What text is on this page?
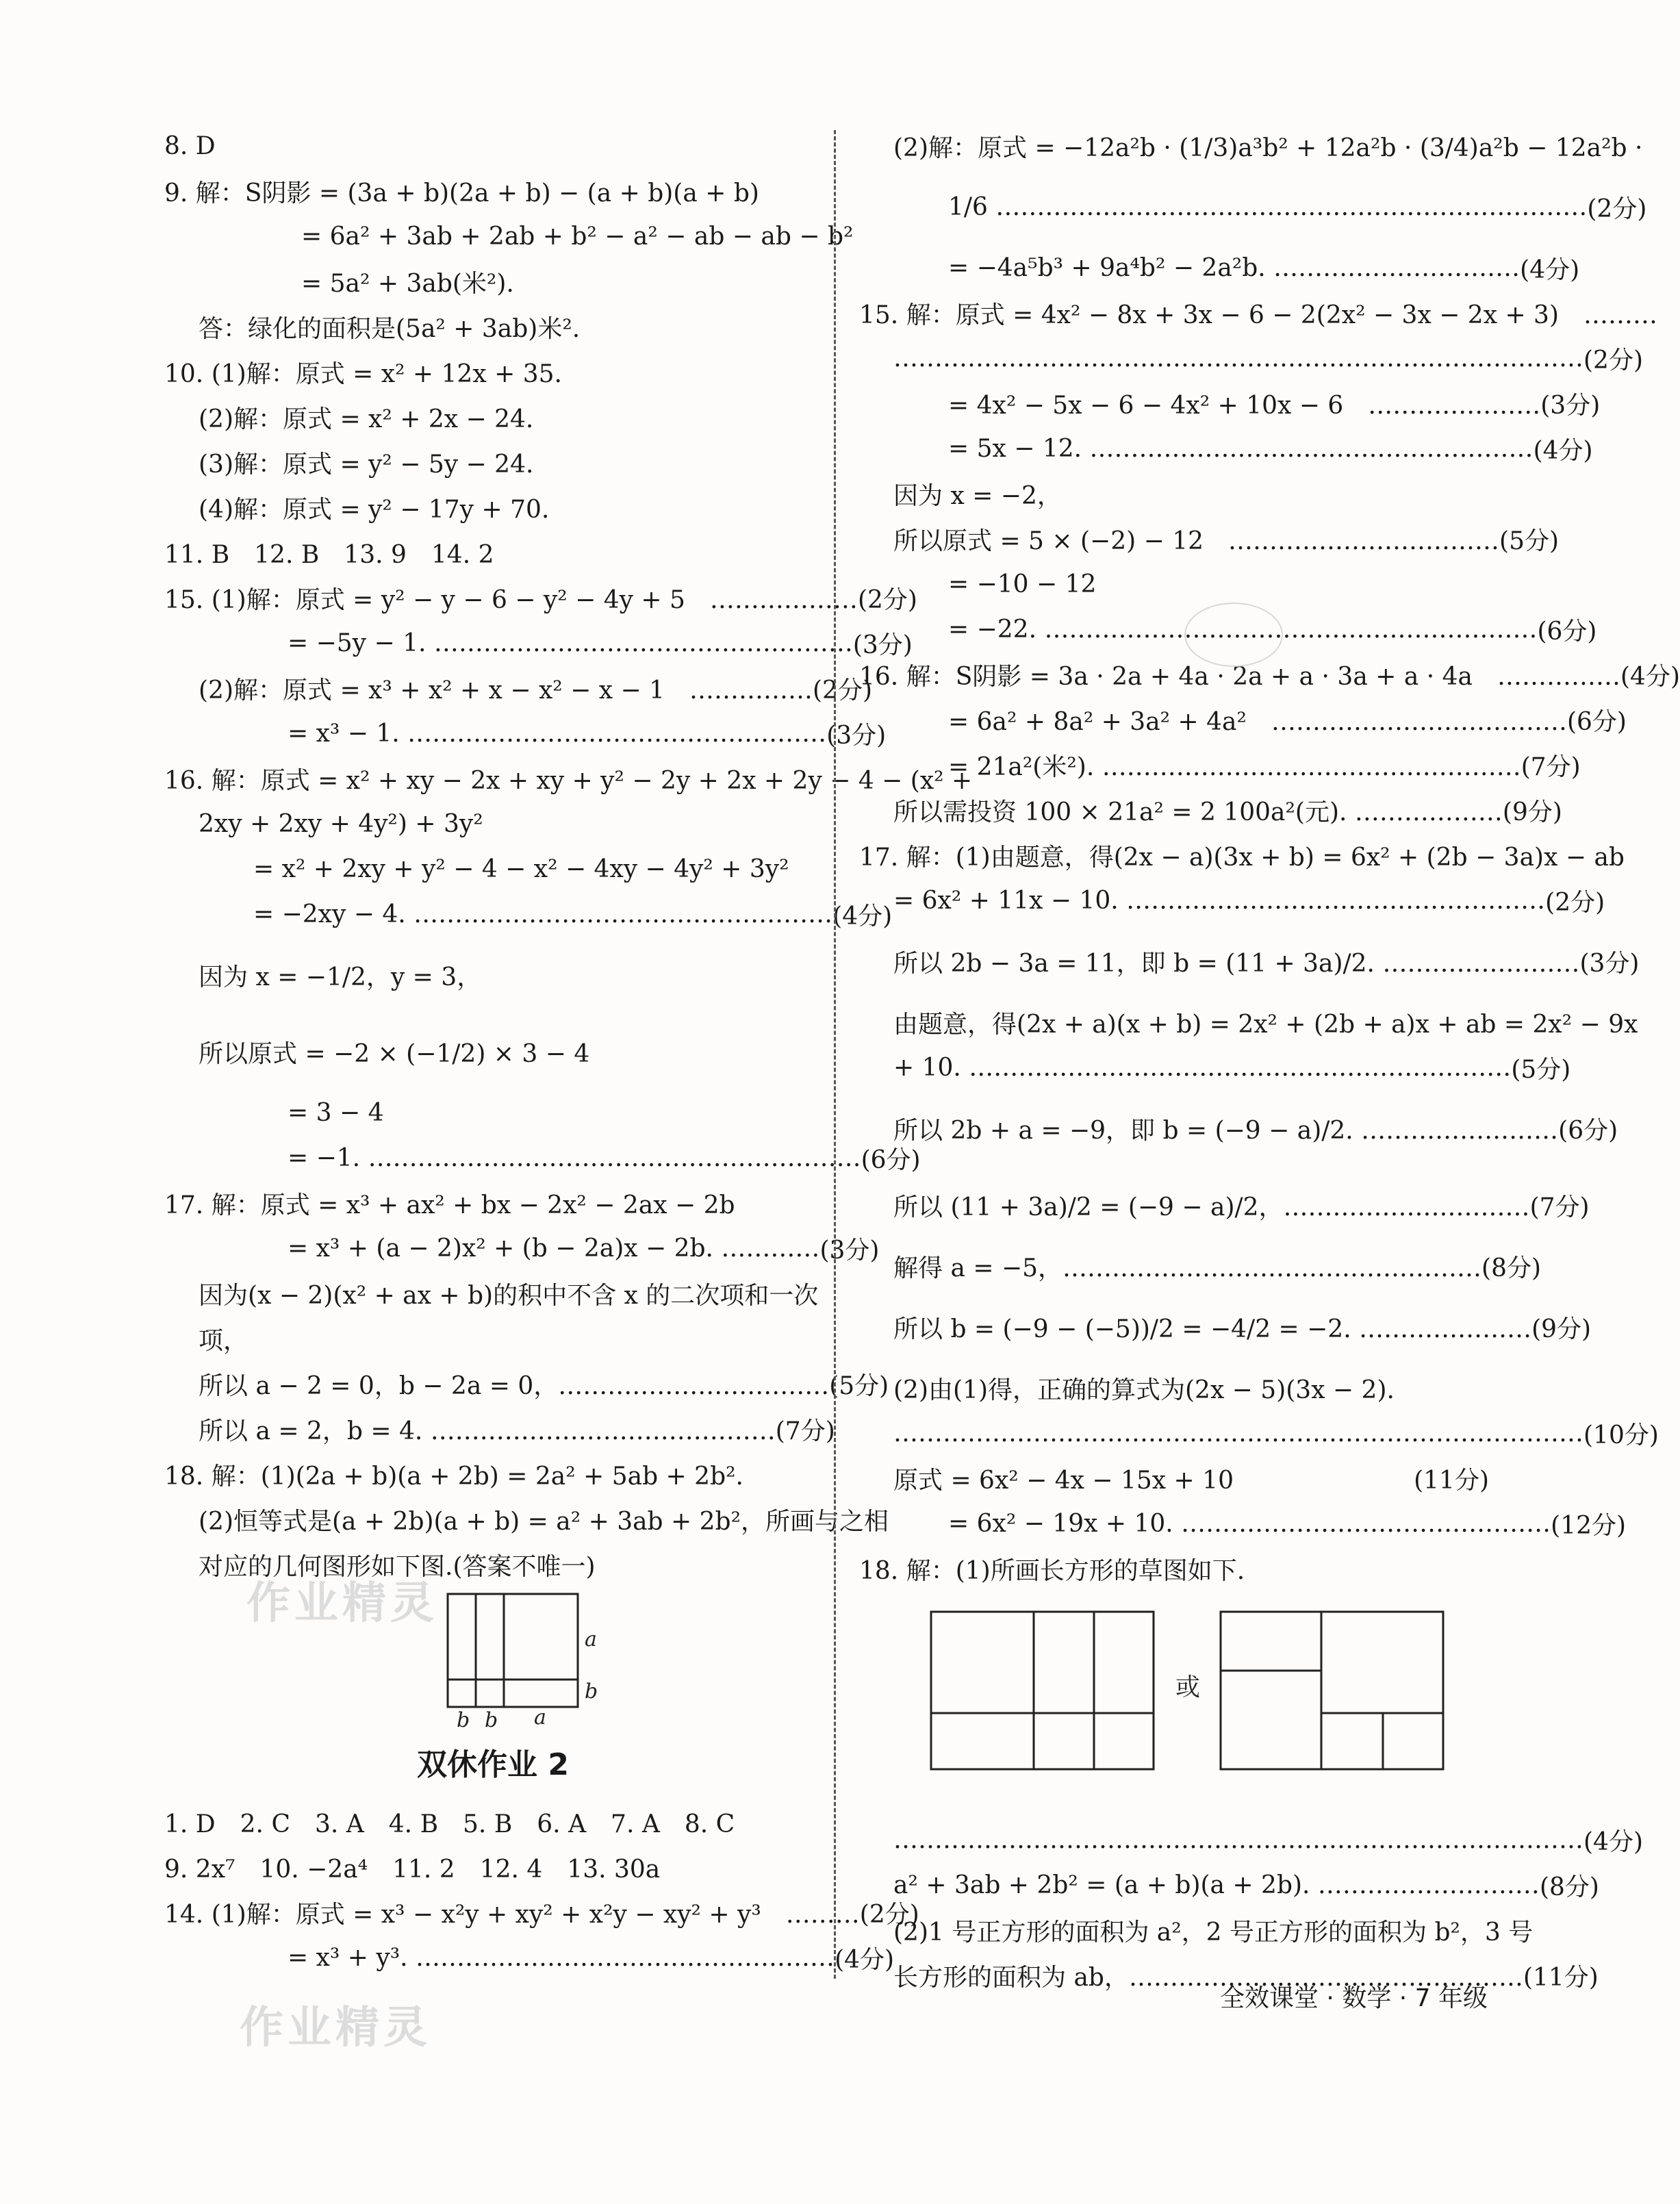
8. D
9. 解：S阴影 = (3a + b)(2a + b) − (a + b)(a + b)
= 6a² + 3ab + 2ab + b² − a² − ab − ab − b²
= 5a² + 3ab(米²).
答：绿化的面积是(5a² + 3ab)米².
10. (1)解：原式 = x² + 12x + 35.
(2)解：原式 = x² + 2x − 24.
(3)解：原式 = y² − 5y − 24.
(4)解：原式 = y² − 17y + 70.
11. B　12. B　13. 9　14. 2
15. (1)解：原式 = y² − y − 6 − y² − 4y + 5　……………… (2分)
= −5y − 1. …………………………………………… (3分)
(2)解：原式 = x³ + x² + x − x² − x − 1　…………… (2分)
= x³ − 1. …………………………………………… (3分)
16. 解：原式 = x² + xy − 2x + xy + y² − 2y + 2x + 2y − 4 − (x² +
2xy + 2xy + 4y²) + 3y²
= x² + 2xy + y² − 4 − x² − 4xy − 4y² + 3y²
= −2xy − 4. …………………………………………… (4分)
因为 x = −1/2，y = 3，
所以原式 = −2 × (−1/2) × 3 − 4
= 3 − 4
= −1. …………………………………………………… (6分)
17. 解：原式 = x³ + ax² + bx − 2x² − 2ax − 2b
= x³ + (a − 2)x² + (b − 2a)x − 2b. ………… (3分)
因为(x − 2)(x² + ax + b)的积中不含 x 的二次项和一次
项，
所以 a − 2 = 0，b − 2a = 0，…………………………… (5分)
所以 a = 2，b = 4. …………………………………… (7分)
18. 解：(1)(2a + b)(a + 2b) = 2a² + 5ab + 2b².
(2)恒等式是(a + 2b)(a + b) = a² + 3ab + 2b²，所画与之相
对应的几何图形如下图.(答案不唯一)
a
b
b b a
双休作业 2
1. D　2. C　3. A　4. B　5. B　6. A　7. A　8. C
9. 2x⁷　10. −2a⁴　11. 2　12. 4　13. 30a
14. (1)解：原式 = x³ − x²y + xy² + x²y − xy² + y³　……… (2分)
= x³ + y³. …………………………………………… (4分)
(2)解：原式 = −12a²b · (1/3)a³b² + 12a²b · (3/4)a²b − 12a²b ·
1/6 ……………………………………………………………… (2分)
= −4a⁵b³ + 9a⁴b² − 2a²b. ………………………… (4分)
15. 解：原式 = 4x² − 8x + 3x − 6 − 2(2x² − 3x − 2x + 3)　………
………………………………………………………………………… (2分)
= 4x² − 5x − 6 − 4x² + 10x − 6　………………… (3分)
= 5x − 12. ……………………………………………… (4分)
因为 x = −2，
所以原式 = 5 × (−2) − 12　…………………………… (5分)
= −10 − 12
= −22. …………………………………………………… (6分)
16. 解：S阴影 = 3a · 2a + 4a · 2a + a · 3a + a · 4a　…………… (4分)
= 6a² + 8a² + 3a² + 4a²　……………………………… (6分)
= 21a²(米²). …………………………………………… (7分)
所以需投资 100 × 21a² = 2 100a²(元). ……………… (9分)
17. 解：(1)由题意，得(2x − a)(3x + b) = 6x² + (2b − 3a)x − ab
= 6x² + 11x − 10. …………………………………………… (2分)
所以 2b − 3a = 11，即 b = (11 + 3a)/2. …………………… (3分)
由题意，得(2x + a)(x + b) = 2x² + (2b + a)x + ab = 2x² − 9x
+ 10. ………………………………………………………… (5分)
所以 2b + a = −9，即 b = (−9 − a)/2. …………………… (6分)
所以 (11 + 3a)/2 = (−9 − a)/2，………………………… (7分)
解得 a = −5，…………………………………………… (8分)
所以 b = (−9 − (−5))/2 = −4/2 = −2. ………………… (9分)
(2)由(1)得，正确的算式为(2x − 5)(3x − 2).
………………………………………………………………………… (10分)
原式 = 6x² − 4x − 15x + 10	(11分)
= 6x² − 19x + 10. ……………………………………… (12分)
18. 解：(1)所画长方形的草图如下.
或
………………………………………………………………………… (4分)
a² + 3ab + 2b² = (a + b)(a + 2b). ……………………… (8分)
(2)1 号正方形的面积为 a²，2 号正方形的面积为 b²，3 号
长方形的面积为 ab，………………………………………… (11分)
全效课堂 · 数学 · 7 年级
作业精灵
作业精灵
